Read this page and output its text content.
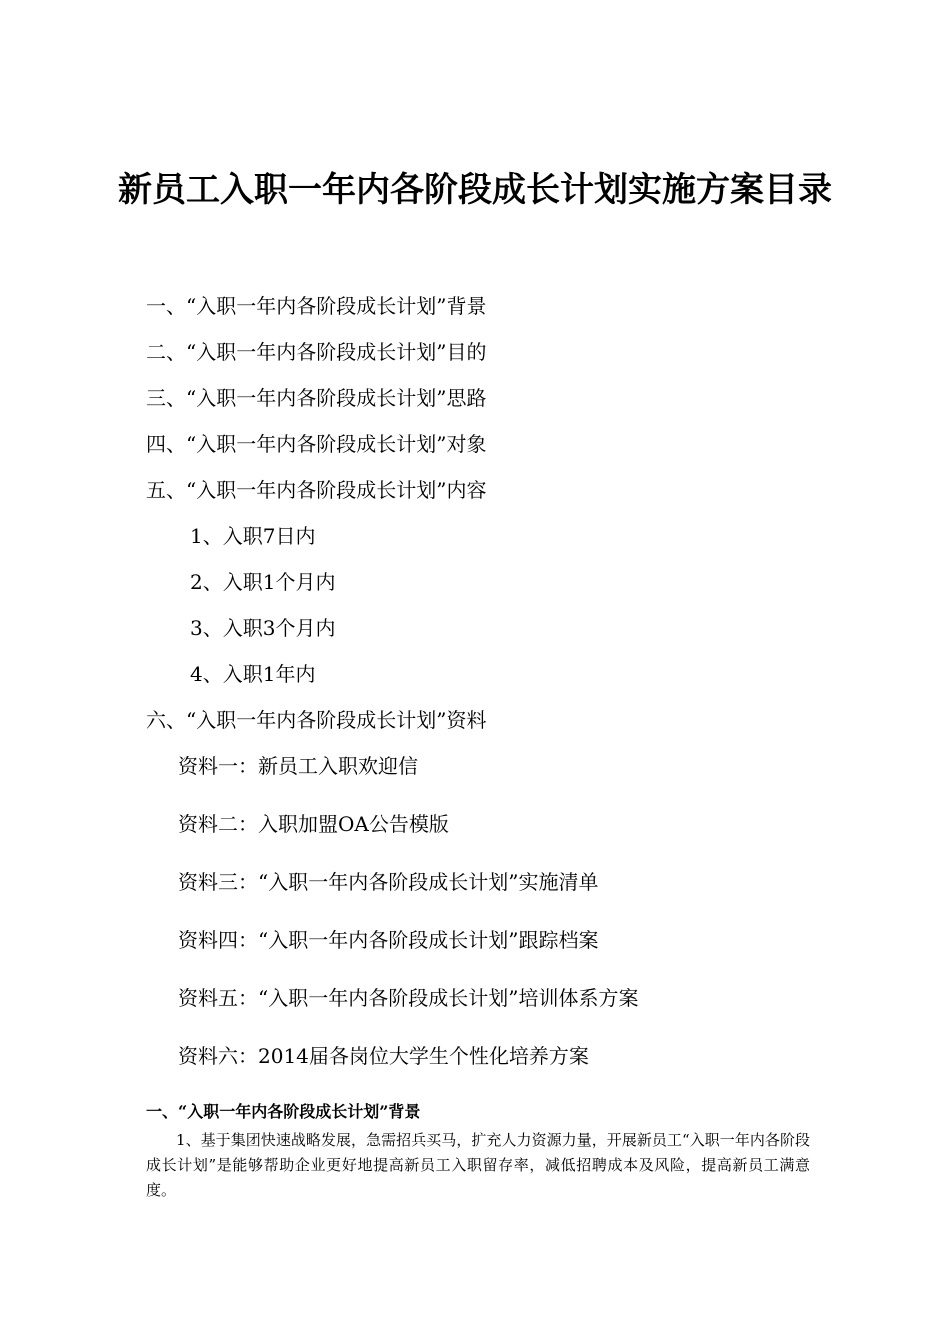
新员工入职一年内各阶段成长计划实施方案目录
一、“入职一年内各阶段成长计划”背景
二、“入职一年内各阶段成长计划”目的
三、“入职一年内各阶段成长计划”思路
四、“入职一年内各阶段成长计划”对象
五、“入职一年内各阶段成长计划”内容
1、入职7日内
2、入职1个月内
3、入职3个月内
4、入职1年内
六、“入职一年内各阶段成长计划”资料
资料一：新员工入职欢迎信
资料二：入职加盟OA公告模版
资料三：“入职一年内各阶段成长计划”实施清单
资料四：“入职一年内各阶段成长计划”跟踪档案
资料五：“入职一年内各阶段成长计划”培训体系方案
资料六：2014届各岗位大学生个性化培养方案
一、“入职一年内各阶段成长计划”背景
1、基于集团快速战略发展，急需招兵买马，扩充人力资源力量，开展新员工“入职一年内各阶段成长计划”是能够帮助企业更好地提高新员工入职留存率，减低招聘成本及风险，提高新员工满意度。
